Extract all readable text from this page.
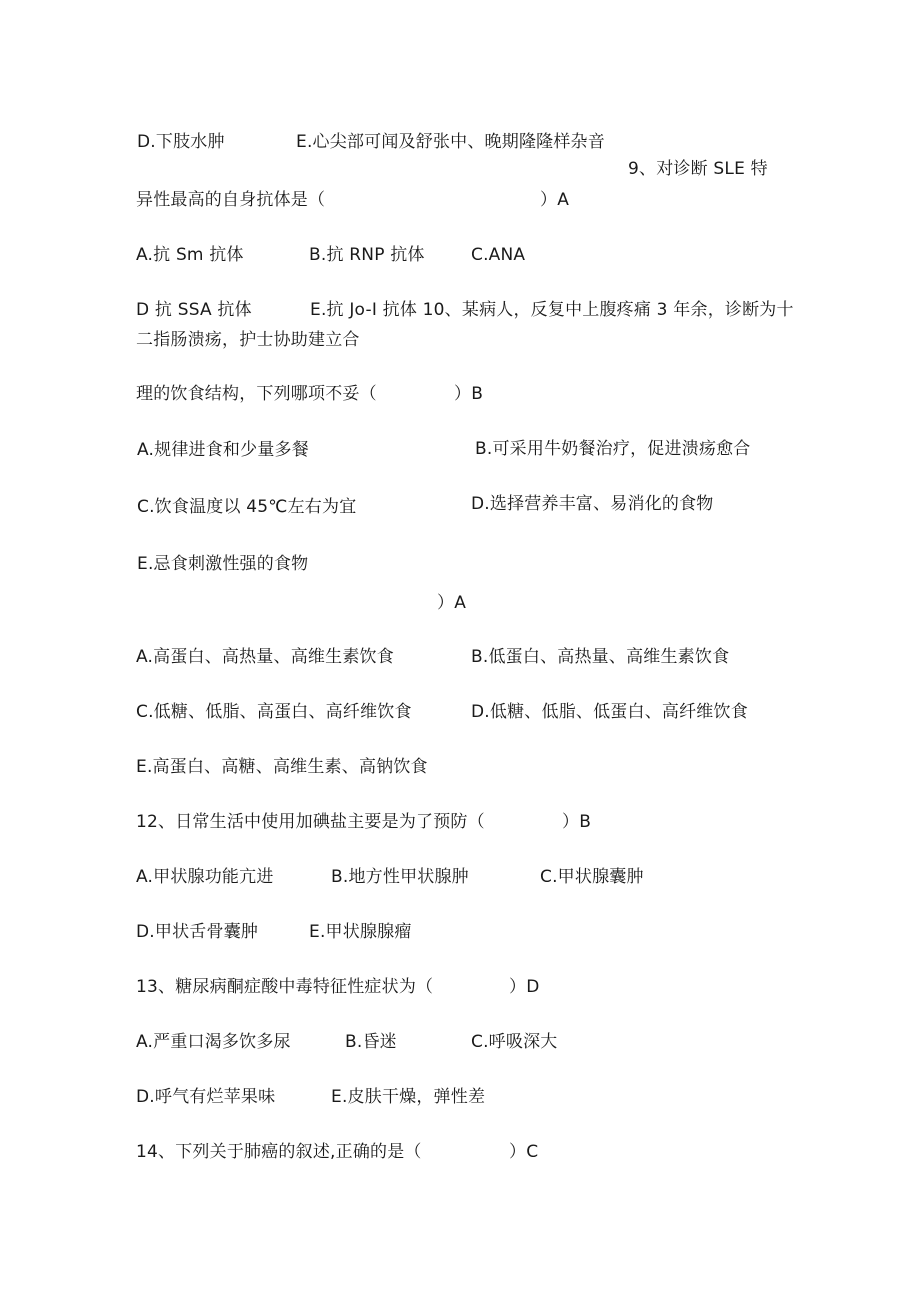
D.下肢水肿	E.心尖部可闻及舒张中、晚期隆隆样杂音
9、对诊断 SLE 特
异性最高的自身抗体是（	）A
A.抗 Sm 抗体	B.抗 RNP 抗体	C.ANA
D 抗 SSA 抗体	E.抗 Jo-I 抗体 10、某病人，反复中上腹疼痛 3 年余，诊断为十
二指肠溃疡，护士协助建立合
理的饮食结构，下列哪项不妥（	）B
A.规律进食和少量多餐	B.可采用牛奶餐治疗，促进溃疡愈合
C.饮食温度以 45℃左右为宜	D.选择营养丰富、易消化的食物
E.忌食刺激性强的食物
）A
A.高蛋白、高热量、高维生素饮食	B.低蛋白、高热量、高维生素饮食
C.低糖、低脂、高蛋白、高纤维饮食	D.低糖、低脂、低蛋白、高纤维饮食
E.高蛋白、高糖、高维生素、高钠饮食
12、日常生活中使用加碘盐主要是为了预防（	）B
A.甲状腺功能亢进	B.地方性甲状腺肿	C.甲状腺囊肿
D.甲状舌骨囊肿	E.甲状腺腺瘤
13、糖尿病酮症酸中毒特征性症状为（	）D
A.严重口渴多饮多尿	B.昏迷	C.呼吸深大
D.呼气有烂苹果味	E.皮肤干燥，弹性差
14、下列关于肺癌的叙述,正确的是（	）C
